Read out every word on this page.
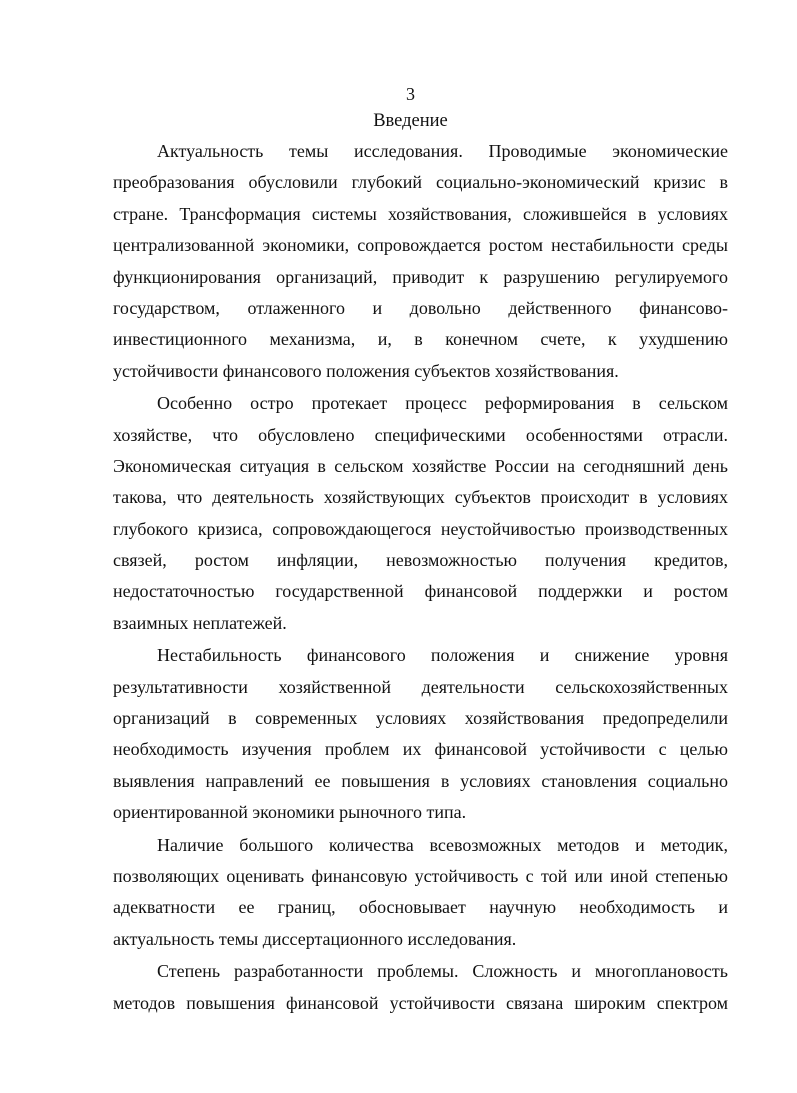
3
Введение
Актуальность темы исследования. Проводимые экономические
преобразования обусловили глубокий социально-экономический кризис в
стране. Трансформация системы хозяйствования, сложившейся в условиях
централизованной экономики, сопровождается ростом нестабильности среды
функционирования организаций, приводит к разрушению регулируемого
государством, отлаженного и довольно действенного финансово-
инвестиционного механизма, и, в конечном счете, к ухудшению
устойчивости финансового положения субъектов хозяйствования.
Особенно остро протекает процесс реформирования в сельском
хозяйстве, что обусловлено специфическими особенностями отрасли.
Экономическая ситуация в сельском хозяйстве России на сегодняшний день
такова, что деятельность хозяйствующих субъектов происходит в условиях
глубокого кризиса, сопровождающегося неустойчивостью производственных
связей, ростом инфляции, невозможностью получения кредитов,
недостаточностью государственной финансовой поддержки и ростом
взаимных неплатежей.
Нестабильность финансового положения и снижение уровня
результативности хозяйственной деятельности сельскохозяйственных
организаций в современных условиях хозяйствования предопределили
необходимость изучения проблем их финансовой устойчивости с целью
выявления направлений ее повышения в условиях становления социально
ориентированной экономики рыночного типа.
Наличие большого количества всевозможных методов и методик,
позволяющих оценивать финансовую устойчивость с той или иной степенью
адекватности ее границ, обосновывает научную необходимость и
актуальность темы диссертационного исследования.
Степень разработанности проблемы. Сложность и многоплановость
методов повышения финансовой устойчивости связана широким спектром
